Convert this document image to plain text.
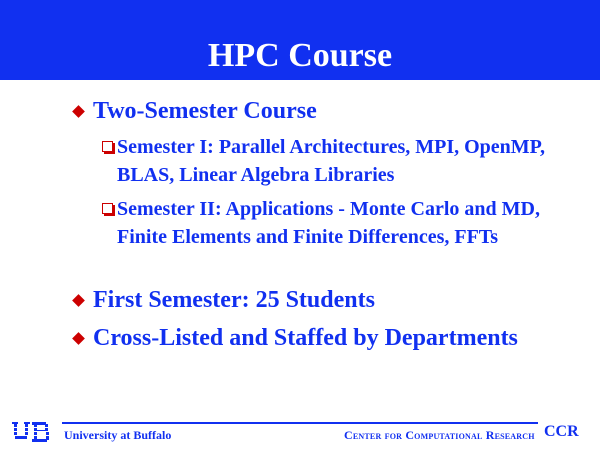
HPC Course
Two-Semester Course
Semester I: Parallel Architectures, MPI, OpenMP, BLAS, Linear Algebra Libraries
Semester II: Applications - Monte Carlo and MD, Finite Elements and Finite Differences, FFTs
First Semester: 25 Students
Cross-Listed and Staffed by Departments
University at Buffalo	Center for Computational Research CCR
